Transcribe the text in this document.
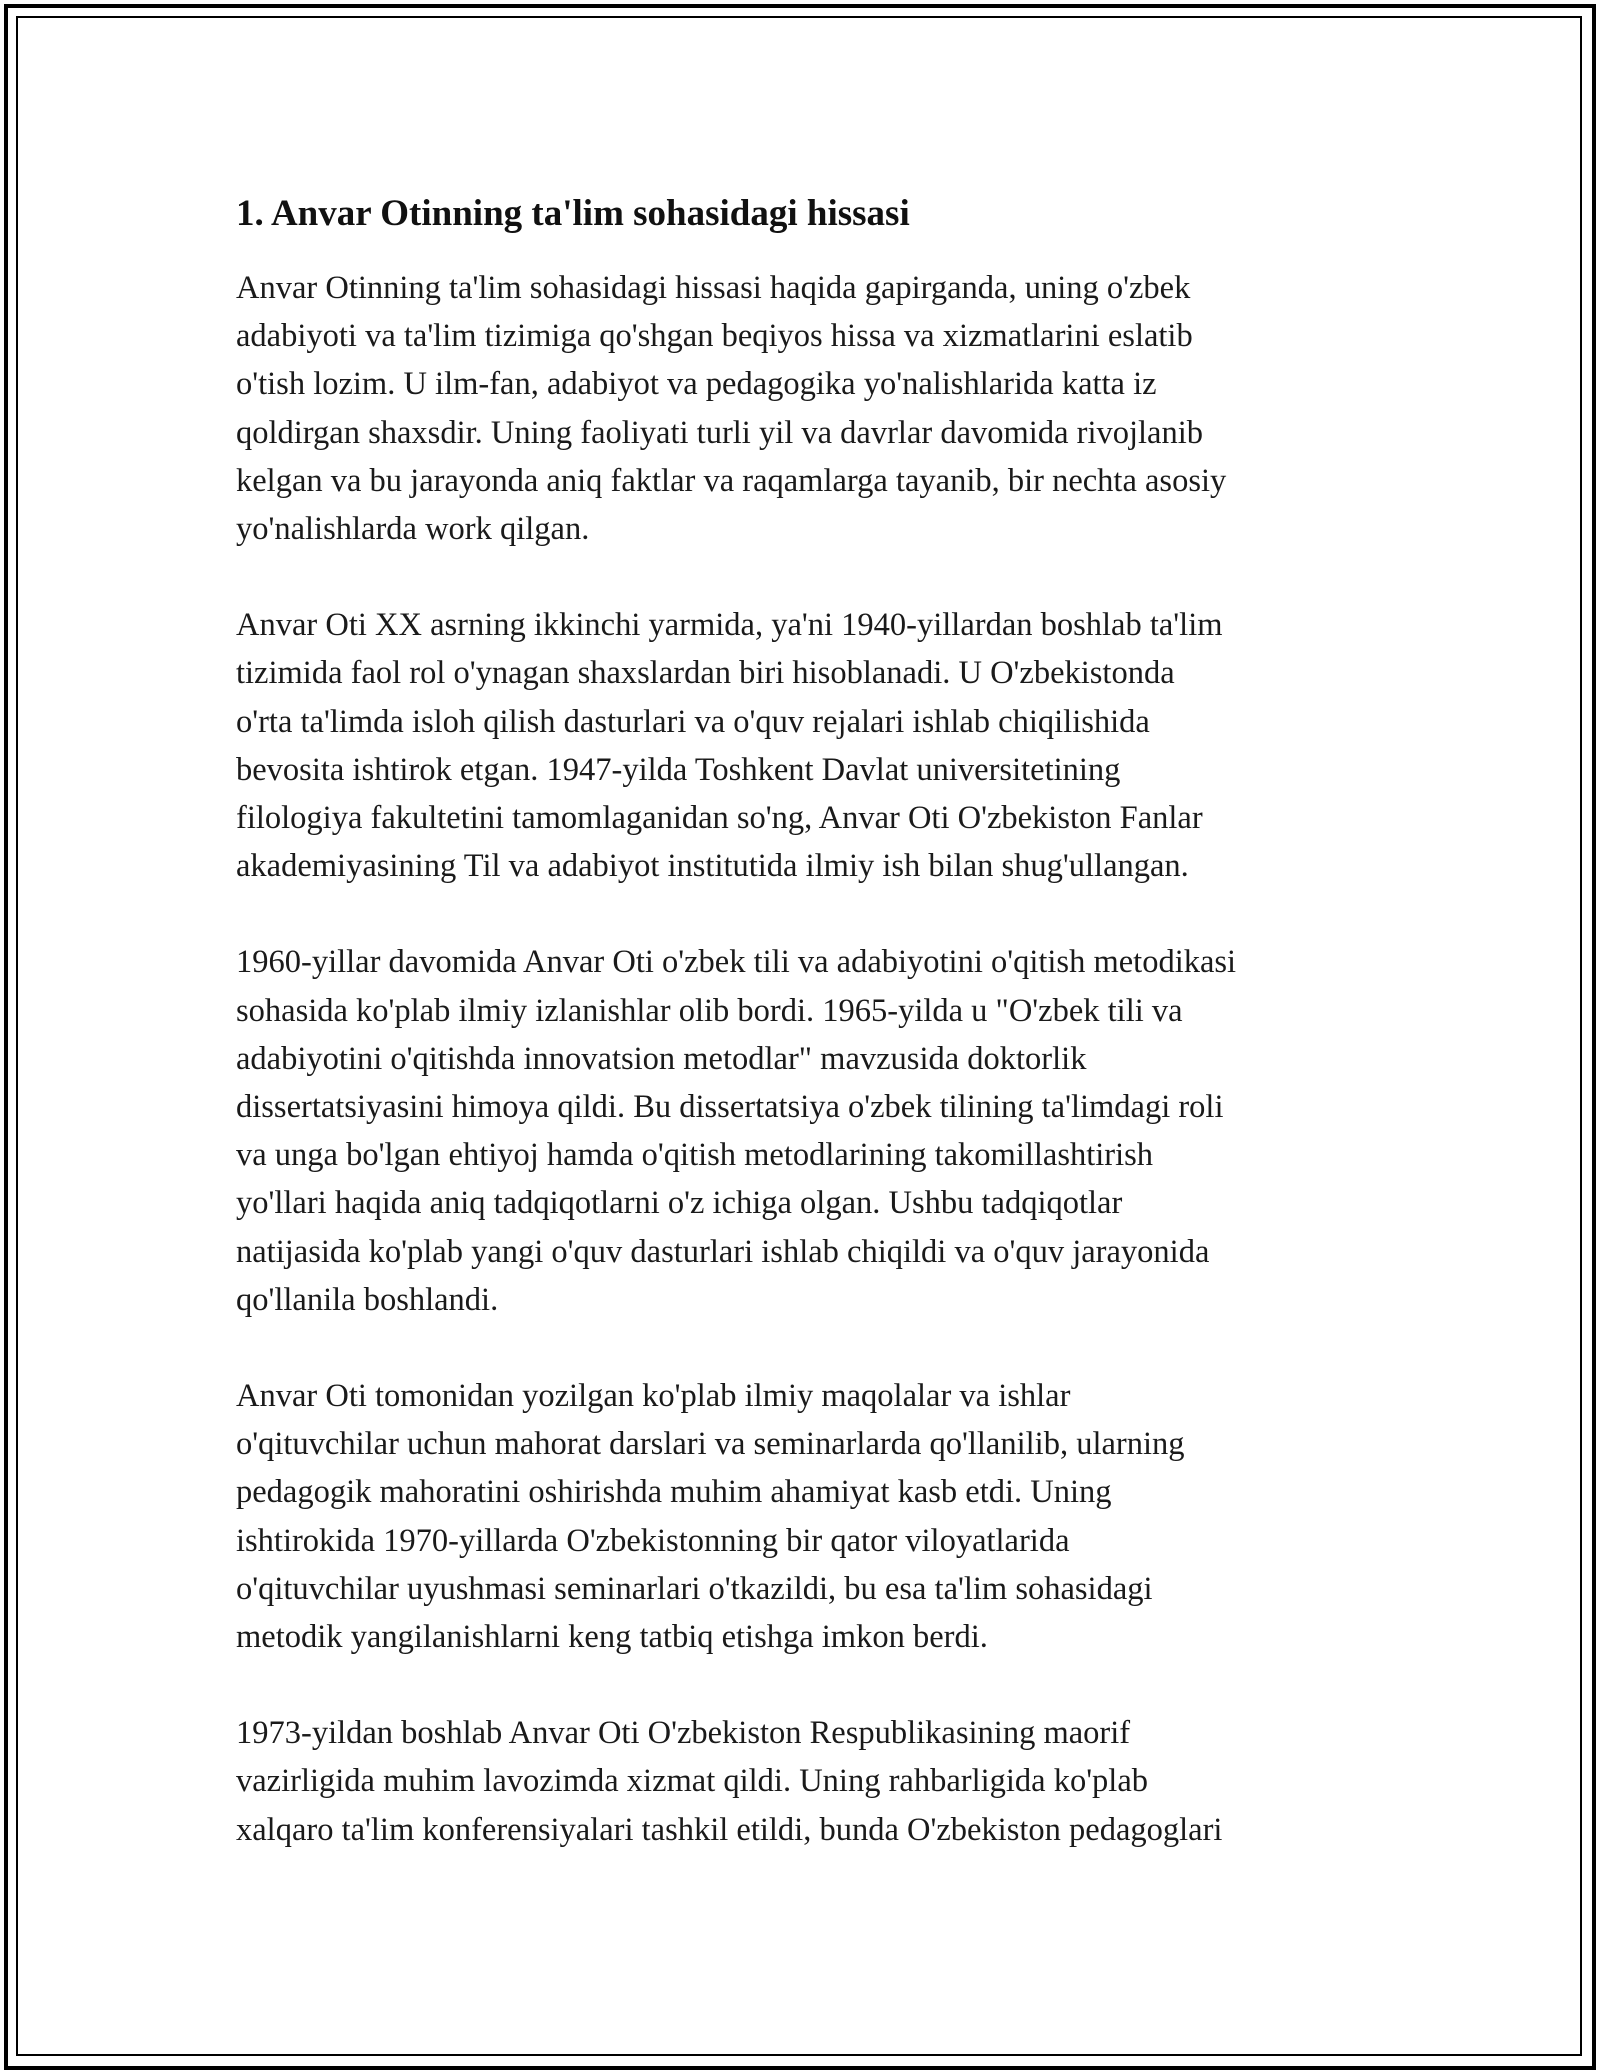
1. Anvar Otinning ta'lim sohasidagi hissasi

Anvar Otinning ta'lim sohasidagi hissasi haqida gapirganda, uning o'zbek
adabiyoti va ta'lim tizimiga qo'shgan beqiyos hissa va xizmatlarini eslatib
o'tish lozim. U ilm-fan, adabiyot va pedagogika yo'nalishlarida katta iz
qoldirgan shaxsdir. Uning faoliyati turli yil va davrlar davomida rivojlanib
kelgan va bu jarayonda aniq faktlar va raqamlarga tayanib, bir nechta asosiy
yo'nalishlarda work qilgan.

Anvar Oti XX asrning ikkinchi yarmida, ya'ni 1940-yillardan boshlab ta'lim
tizimida faol rol o'ynagan shaxslardan biri hisoblanadi. U O'zbekistonda
o'rta ta'limda isloh qilish dasturlari va o'quv rejalari ishlab chiqilishida
bevosita ishtirok etgan. 1947-yilda Toshkent Davlat universitetining
filologiya fakultetini tamomlaganidan so'ng, Anvar Oti O'zbekiston Fanlar
akademiyasining Til va adabiyot institutida ilmiy ish bilan shug'ullangan.

1960-yillar davomida Anvar Oti o'zbek tili va adabiyotini o'qitish metodikasi
sohasida ko'plab ilmiy izlanishlar olib bordi. 1965-yilda u "O'zbek tili va
adabiyotini o'qitishda innovatsion metodlar" mavzusida doktorlik
dissertatsiyasini himoya qildi. Bu dissertatsiya o'zbek tilining ta'limdagi roli
va unga bo'lgan ehtiyoj hamda o'qitish metodlarining takomillashtirish
yo'llari haqida aniq tadqiqotlarni o'z ichiga olgan. Ushbu tadqiqotlar
natijasida ko'plab yangi o'quv dasturlari ishlab chiqildi va o'quv jarayonida
qo'llanila boshlandi.

Anvar Oti tomonidan yozilgan ko'plab ilmiy maqolalar va ishlar
o'qituvchilar uchun mahorat darslari va seminarlarda qo'llanilib, ularning
pedagogik mahoratini oshirishda muhim ahamiyat kasb etdi. Uning
ishtirokida 1970-yillarda O'zbekistonning bir qator viloyatlarida
o'qituvchilar uyushmasi seminarlari o'tkazildi, bu esa ta'lim sohasidagi
metodik yangilanishlarni keng tatbiq etishga imkon berdi.

1973-yildan boshlab Anvar Oti O'zbekiston Respublikasining maorif
vazirligida muhim lavozimda xizmat qildi. Uning rahbarligida ko'plab
xalqaro ta'lim konferensiyalari tashkil etildi, bunda O'zbekiston pedagoglari
